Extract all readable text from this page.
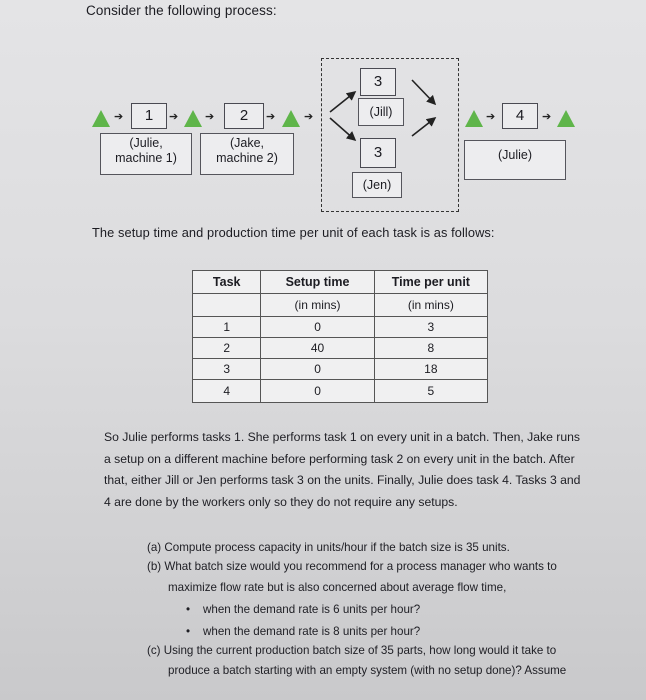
Consider the following process:
➔	1	➔ ➔	2	➔	➔
(Julie,
machine 1)
(Jake,
machine 2)
3
(Jill)
3
(Jen)
➔	4	➔
(Julie)
The setup time and production time per unit of each task is as follows:
Task	Setup time	Time per unit
	(in mins)	(in mins)
1	0	3
2	40	8
3	0	18
4	0	5
So Julie performs tasks 1. She performs task 1 on every unit in a batch. Then, Jake runs
a setup on a different machine before performing task 2 on every unit in the batch. After
that, either Jill or Jen performs task 3 on the units. Finally, Julie does task 4. Tasks 3 and
4 are done by the workers only so they do not require any setups.
(a) Compute process capacity in units/hour if the batch size is 35 units.
(b) What batch size would you recommend for a process manager who wants to
maximize flow rate but is also concerned about average flow time,
• when the demand rate is 6 units per hour?
• when the demand rate is 8 units per hour?
(c) Using the current production batch size of 35 parts, how long would it take to
produce a batch starting with an empty system (with no setup done)? Assume
